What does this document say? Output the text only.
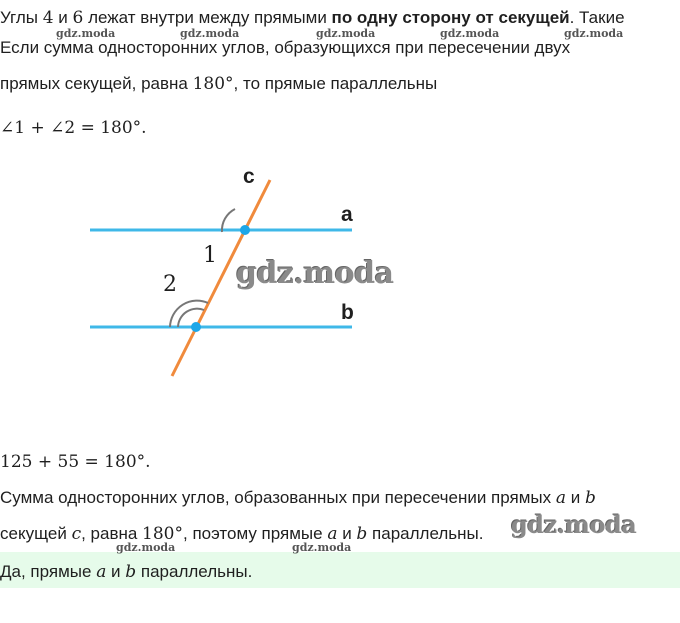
Углы 4 и 6 лежат внутри между прямыми по одну сторону от секущей. Такие
Если сумма односторонних углов, образующихся при пересечении двух
прямых секущей, равна 180°, то прямые параллельны
∠1 + ∠2 = 180°.
c
a
b
1
2
125 + 55 = 180°.
Сумма односторонних углов, образованных при пересечении прямых a и b
секущей c, равна 180°, поэтому прямые a и b параллельны.
Да, прямые a и b параллельны.
gdz.moda	gdz.moda	gdz.moda	gdz.moda	gdz.moda
gdz.moda	gdz.moda
gdz.moda
gdz.moda
